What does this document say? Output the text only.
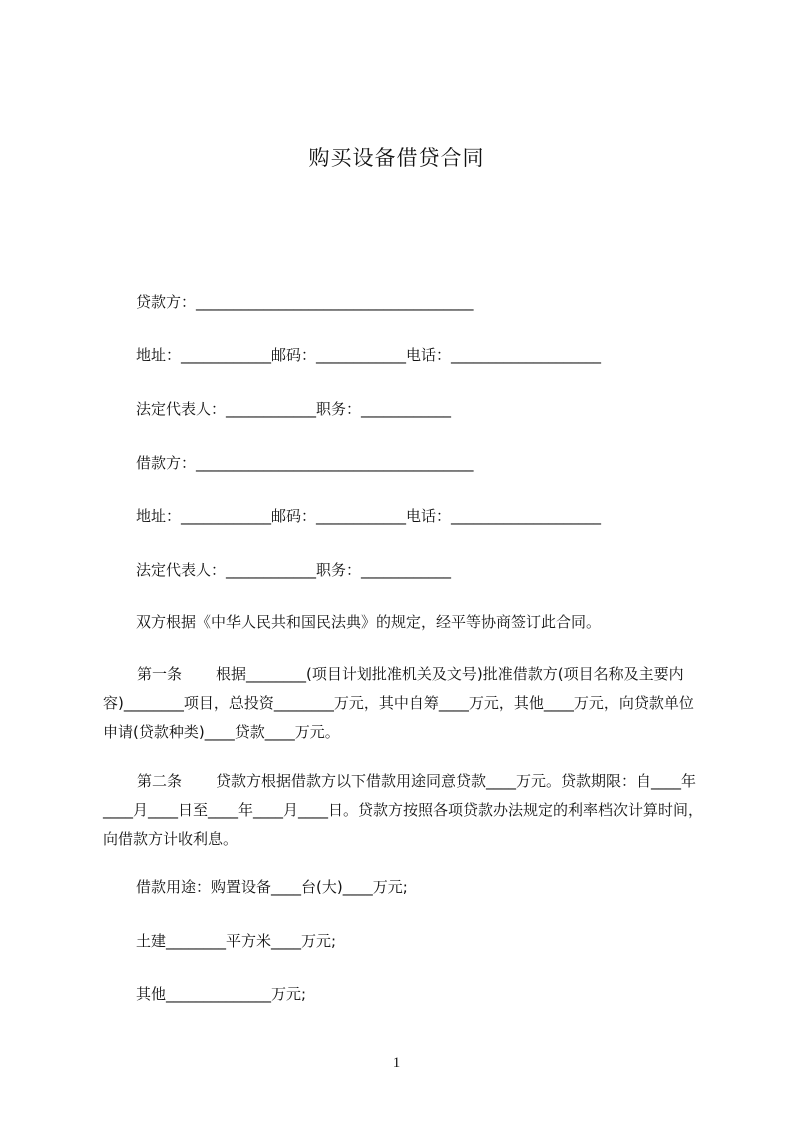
购买设备借贷合同
贷款方：_____________________________________
地址：____________邮码：____________电话：____________________
法定代表人：____________职务：____________
借款方：_____________________________________
地址：____________邮码：____________电话：____________________
法定代表人：____________职务：____________
双方根据《中华人民共和国民法典》的规定，经平等协商签订此合同。
第一条 根据________(项目计划批准机关及文号)批准借款方(项目名称及主要内容)________项目，总投资________万元，其中自筹____万元，其他____万元，向贷款单位申请(贷款种类)____贷款____万元。
第二条 贷款方根据借款方以下借款用途同意贷款____万元。贷款期限：自____年____月____日至____年____月____日。贷款方按照各项贷款办法规定的利率档次计算时间，向借款方计收利息。
借款用途：购置设备____台(大)____万元;
土建________平方米____万元;
其他______________万元;
1
